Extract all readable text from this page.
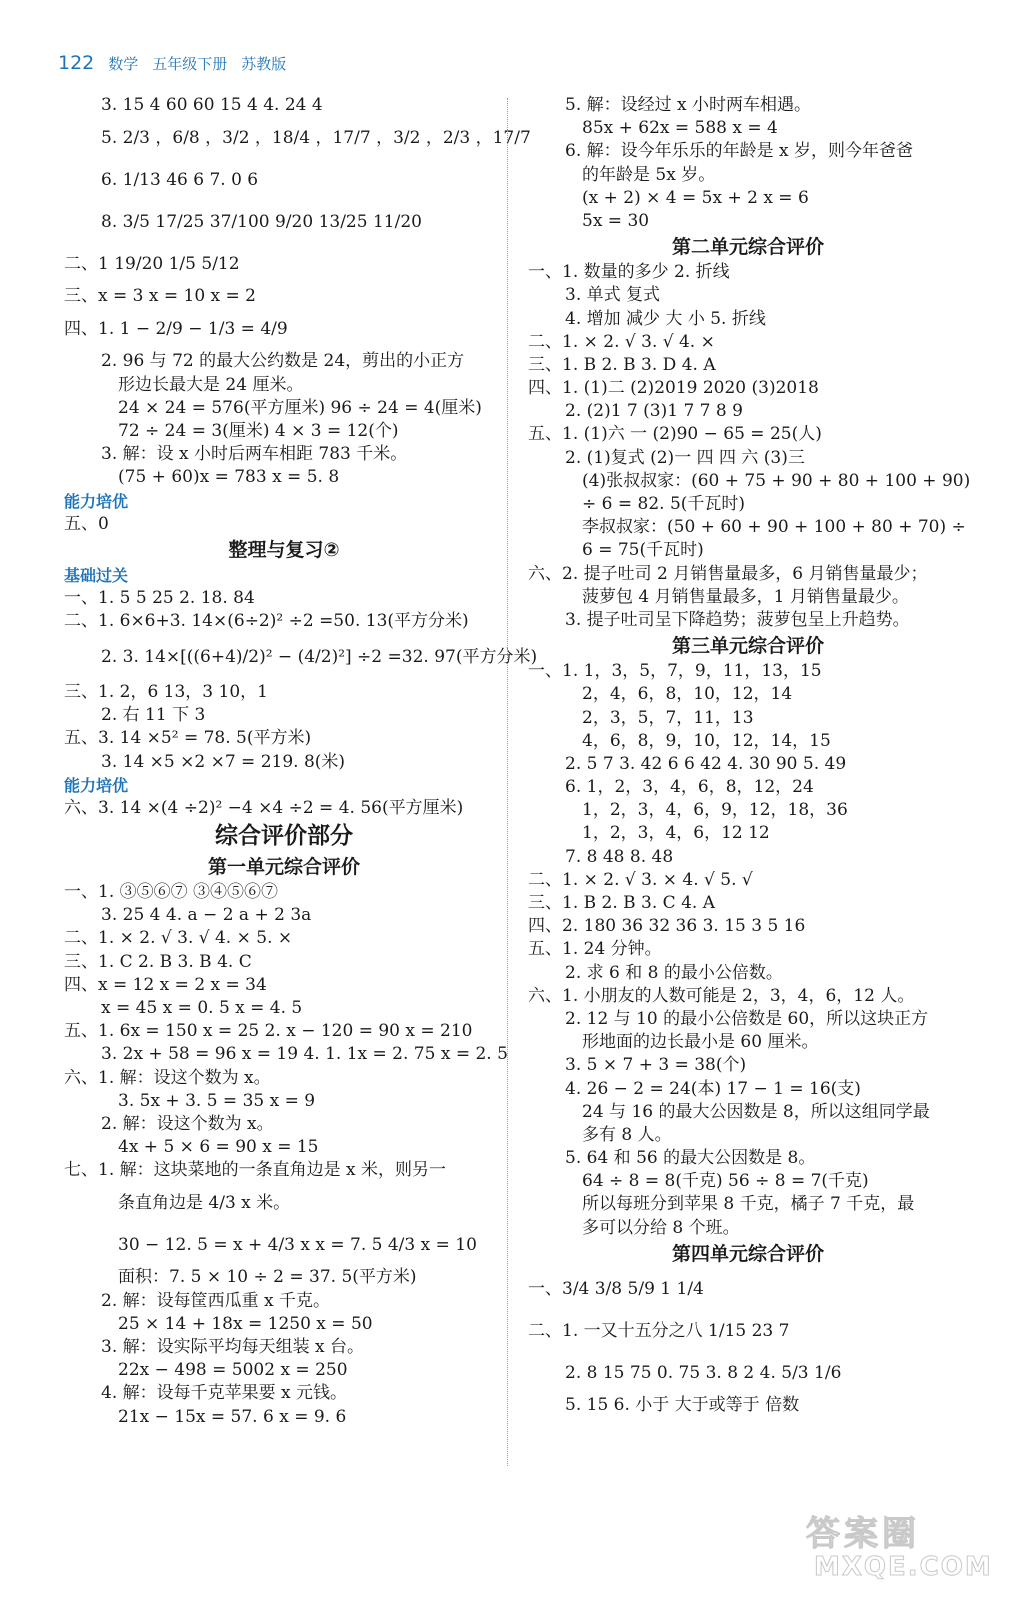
122 数学 五年级下册 苏教版
3. 15 4 60 60 15 4 4. 24 4
5. 2/3 ，6/8 ，3/2 ，18/4 ，17/7 ，3/2 ，2/3 ，17/7
6. 1/13 46 6 7. 0 6
8. 3/5 17/25 37/100 9/20 13/25 11/20
二、1 19/20 1/5 5/12
三、x = 3 x = 10 x = 2
四、1. 1 − 2/9 − 1/3 = 4/9
2. 96 与 72 的最大公约数是 24，剪出的小正方
形边长最大是 24 厘米。
24 × 24 = 576(平方厘米) 96 ÷ 24 = 4(厘米)
72 ÷ 24 = 3(厘米) 4 × 3 = 12(个)
3. 解：设 x 小时后两车相距 783 千米。
(75 + 60)x = 783 x = 5. 8
能力培优
五、0
整理与复习②
基础过关
一、1. 5 5 25 2. 18. 84
二、1. 6×6+3. 14×(6÷2)² ÷2 =50. 13(平方分米)
2. 3. 14×[((6+4)/2)² − (4/2)²] ÷2 =32. 97(平方分米)
三、1. 2，6 13，3 10，1
2. 右 11 下 3
五、3. 14 ×5² = 78. 5(平方米)
3. 14 ×5 ×2 ×7 = 219. 8(米)
能力培优
六、3. 14 ×(4 ÷2)² −4 ×4 ÷2 = 4. 56(平方厘米)
综合评价部分
第一单元综合评价
一、1. ③⑤⑥⑦ ③④⑤⑥⑦
3. 25 4 4. a − 2 a + 2 3a
二、1. × 2. √ 3. √ 4. × 5. ×
三、1. C 2. B 3. B 4. C
四、x = 12 x = 2 x = 34
x = 45 x = 0. 5 x = 4. 5
五、1. 6x = 150 x = 25 2. x − 120 = 90 x = 210
3. 2x + 58 = 96 x = 19 4. 1. 1x = 2. 75 x = 2. 5
六、1. 解：设这个数为 x。
3. 5x + 3. 5 = 35 x = 9
2. 解：设这个数为 x。
4x + 5 × 6 = 90 x = 15
七、1. 解：这块菜地的一条直角边是 x 米，则另一
条直角边是 4/3 x 米。
30 − 12. 5 = x + 4/3 x x = 7. 5 4/3 x = 10
面积：7. 5 × 10 ÷ 2 = 37. 5(平方米)
2. 解：设每筐西瓜重 x 千克。
25 × 14 + 18x = 1250 x = 50
3. 解：设实际平均每天组装 x 台。
22x − 498 = 5002 x = 250
4. 解：设每千克苹果要 x 元钱。
21x − 15x = 57. 6 x = 9. 6
5. 解：设经过 x 小时两车相遇。
85x + 62x = 588 x = 4
6. 解：设今年乐乐的年龄是 x 岁，则今年爸爸
的年龄是 5x 岁。
(x + 2) × 4 = 5x + 2 x = 6
5x = 30
第二单元综合评价
一、1. 数量的多少 2. 折线
3. 单式 复式
4. 增加 减少 大 小 5. 折线
二、1. × 2. √ 3. √ 4. ×
三、1. B 2. B 3. D 4. A
四、1. (1)二 (2)2019 2020 (3)2018
2. (2)1 7 (3)1 7 7 8 9
五、1. (1)六 一 (2)90 − 65 = 25(人)
2. (1)复式 (2)一 四 四 六 (3)三
(4)张叔叔家：(60 + 75 + 90 + 80 + 100 + 90)
÷ 6 = 82. 5(千瓦时)
李叔叔家：(50 + 60 + 90 + 100 + 80 + 70) ÷
6 = 75(千瓦时)
六、2. 提子吐司 2 月销售量最多，6 月销售量最少；
菠萝包 4 月销售量最多，1 月销售量最少。
3. 提子吐司呈下降趋势；菠萝包呈上升趋势。
第三单元综合评价
一、1. 1，3，5，7，9，11，13，15
2，4，6，8，10，12，14
2，3，5，7，11，13
4，6，8，9，10，12，14，15
2. 5 7 3. 42 6 6 42 4. 30 90 5. 49
6. 1，2，3，4，6，8，12，24
1，2，3，4，6，9，12，18，36
1，2，3，4，6，12 12
7. 8 48 8. 48
二、1. × 2. √ 3. × 4. √ 5. √
三、1. B 2. B 3. C 4. A
四、2. 180 36 32 36 3. 15 3 5 16
五、1. 24 分钟。
2. 求 6 和 8 的最小公倍数。
六、1. 小朋友的人数可能是 2，3，4，6，12 人。
2. 12 与 10 的最小公倍数是 60，所以这块正方
形地面的边长最小是 60 厘米。
3. 5 × 7 + 3 = 38(个)
4. 26 − 2 = 24(本) 17 − 1 = 16(支)
24 与 16 的最大公因数是 8，所以这组同学最
多有 8 人。
5. 64 和 56 的最大公因数是 8。
64 ÷ 8 = 8(千克) 56 ÷ 8 = 7(千克)
所以每班分到苹果 8 千克，橘子 7 千克，最
多可以分给 8 个班。
第四单元综合评价
一、3/4 3/8 5/9 1 1/4
二、1. 一又十五分之八 1/15 23 7
2. 8 15 75 0. 75 3. 8 2 4. 5/3 1/6
5. 15 6. 小于 大于或等于 倍数
答案圈
MXQE.COM
